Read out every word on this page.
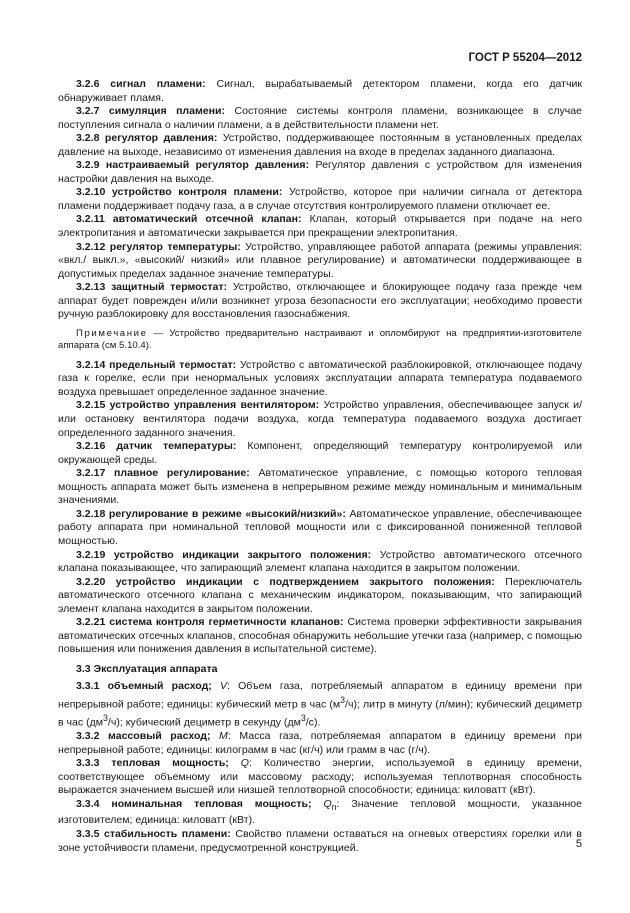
ГОСТ Р 55204—2012
3.2.6 сигнал пламени: Сигнал, вырабатываемый детектором пламени, когда его датчик обнаруживает пламя.
3.2.7 симуляция пламени: Состояние системы контроля пламени, возникающее в случае поступления сигнала о наличии пламени, а в действительности пламени нет.
3.2.8 регулятор давления: Устройство, поддерживающее постоянным в установленных пределах давление на выходе, независимо от изменения давления на входе в пределах заданного диапазона.
3.2.9 настраиваемый регулятор давления: Регулятор давления с устройством для изменения настройки давления на выходе.
3.2.10 устройство контроля пламени: Устройство, которое при наличии сигнала от детектора пламени поддерживает подачу газа, а в случае отсутствия контролируемого пламени отключает ее.
3.2.11 автоматический отсечной клапан: Клапан, который открывается при подаче на него электропитания и автоматически закрывается при прекращении электропитания.
3.2.12 регулятор температуры: Устройство, управляющее работой аппарата (режимы управления: «вкл./ выкл.», «высокий/ низкий» или плавное регулирование) и автоматически поддерживающее в допустимых пределах заданное значение температуры.
3.2.13 защитный термостат: Устройство, отключающее и блокирующее подачу газа прежде чем аппарат будет поврежден и/или возникнет угроза безопасности его эксплуатации; необходимо провести ручную разблокировку для восстановления газоснабжения.
Примечание — Устройство предварительно настраивают и опломбируют на предприятии-изготовителе аппарата (см 5.10.4).
3.2.14 предельный термостат: Устройство с автоматической разблокировкой, отключающее подачу газа к горелке, если при ненормальных условиях эксплуатации аппарата температура подаваемого воздуха превышает определенное заданное значение.
3.2.15 устройство управления вентилятором: Устройство управления, обеспечивающее запуск и/или остановку вентилятора подачи воздуха, когда температура подаваемого воздуха достигает определенного заданного значения.
3.2.16 датчик температуры: Компонент, определяющий температуру контролируемой или окружающей среды.
3.2.17 плавное регулирование: Автоматическое управление, с помощью которого тепловая мощность аппарата может быть изменена в непрерывном режиме между номинальным и минимальным значениями.
3.2.18 регулирование в режиме «высокий/низкий»: Автоматическое управление, обеспечивающее работу аппарата при номинальной тепловой мощности или с фиксированной пониженной тепловой мощностью.
3.2.19 устройство индикации закрытого положения: Устройство автоматического отсечного клапана показывающее, что запирающий элемент клапана находится в закрытом положении.
3.2.20 устройство индикации с подтверждением закрытого положения: Переключатель автоматического отсечного клапана с механическим индикатором, показывающим, что запирающий элемент клапана находится в закрытом положении.
3.2.21 система контроля герметичности клапанов: Система проверки эффективности закрывания автоматических отсечных клапанов, способная обнаружить небольшие утечки газа (например, с помощью повышения или понижения давления в испытательной системе).
3.3 Эксплуатация аппарата
3.3.1 объемный расход; V: Объем газа, потребляемый аппаратом в единицу времени при непрерывной работе; единицы: кубический метр в час $(м^3/ч)$; литр в минуту (л/мин); кубический дециметр в час $(дм^3/ч)$; кубический дециметр в секунду $(дм^3/с)$.
3.3.2 массовый расход; M: Масса газа, потребляемая аппаратом в единицу времени при непрерывной работе; единицы: килограмм в час (кг/ч) или грамм в час (г/ч).
3.3.3 тепловая мощность; Q: Количество энергии, используемой в единицу времени, соответствующее объемному или массовому расходу; используемая теплотворная способность выражается значением высшей или низшей теплотворной способности; единица: киловатт (кВт).
3.3.4 номинальная тепловая мощность; $Q_n$: Значение тепловой мощности, указанное изготовителем; единица: киловатт (кВт).
3.3.5 стабильность пламени: Свойство пламени оставаться на огневых отверстиях горелки или в зоне устойчивости пламени, предусмотренной конструкцией.	5
